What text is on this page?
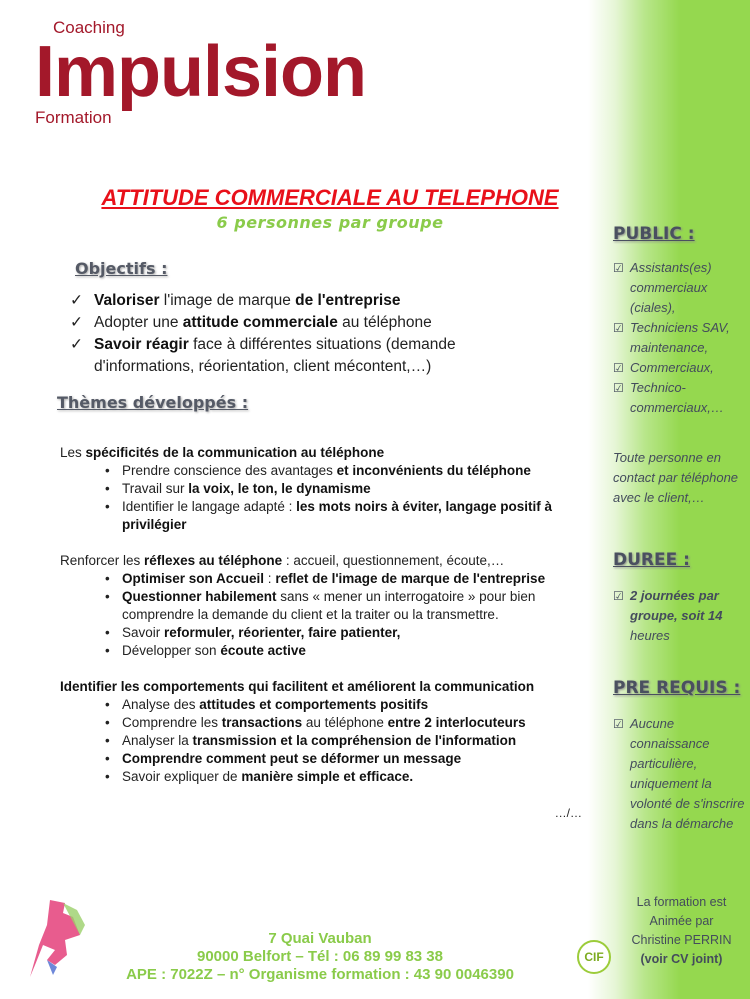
Coaching
Impulsion
Formation
ATTITUDE COMMERCIALE AU TELEPHONE
6 personnes par groupe
Objectifs :
✓ Valoriser l'image de marque de l'entreprise
✓ Adopter une attitude commerciale au téléphone
✓ Savoir réagir face à différentes situations (demande d'informations, réorientation, client mécontent,…)
Thèmes développés :
Les spécificités de la communication au téléphone
• Prendre conscience des avantages et inconvénients du téléphone
• Travail sur la voix, le ton, le dynamisme
• Identifier le langage adapté : les mots noirs à éviter, langage positif à privilégier
Renforcer les réflexes au téléphone : accueil, questionnement, écoute,…
• Optimiser son Accueil : reflet de l'image de marque de l'entreprise
• Questionner habilement sans « mener un interrogatoire » pour bien comprendre la demande du client et la traiter ou la transmettre.
• Savoir reformuler, réorienter, faire patienter,
• Développer son écoute active
Identifier les comportements qui facilitent et améliorent la communication
• Analyse des attitudes et comportements positifs
• Comprendre les transactions au téléphone entre 2 interlocuteurs
• Analyser la transmission et la compréhension de l'information
• Comprendre comment peut se déformer un message
• Savoir expliquer de manière simple et efficace.
…/…
PUBLIC :
☑ Assistants(es) commerciaux (ciales),
☑ Techniciens SAV, maintenance,
☑ Commerciaux,
☑ Technico-commerciaux,…
Toute personne en contact par téléphone avec le client,…
DUREE :
☑ 2 journées par groupe, soit 14 heures
PRE REQUIS :
☑ Aucune connaissance particulière, uniquement la volonté de s'inscrire dans la démarche
La formation est
Animée par
Christine PERRIN
(voir CV joint)
CIF
7 Quai Vauban
90000 Belfort – Tél : 06 89 99 83 38
APE : 7022Z – n° Organisme formation : 43 90 0046390
